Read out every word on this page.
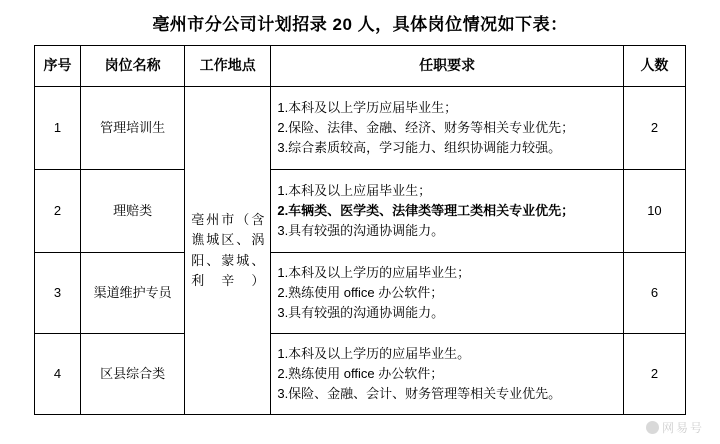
亳州市分公司计划招录 20 人，具体岗位情况如下表：
序号	岗位名称	工作地点	任职要求	人数
1	管理培训生	亳州市（含谯城区、涡阳、蒙城、利辛）	1.本科及以上学历应届毕业生；
2.保险、法律、金融、经济、财务等相关专业优先；
3.综合素质较高，学习能力、组织协调能力较强。	2
2	理赔类		1.本科及以上应届毕业生；
2.车辆类、医学类、法律类等理工类相关专业优先；
3.具有较强的沟通协调能力。	10
3	渠道维护专员		1.本科及以上学历的应届毕业生；
2.熟练使用 office 办公软件；
3.具有较强的沟通协调能力。	6
4	区县综合类		1.本科及以上学历的应届毕业生。
2.熟练使用 office 办公软件；
3.保险、金融、会计、财务管理等相关专业优先。	2
网易号
